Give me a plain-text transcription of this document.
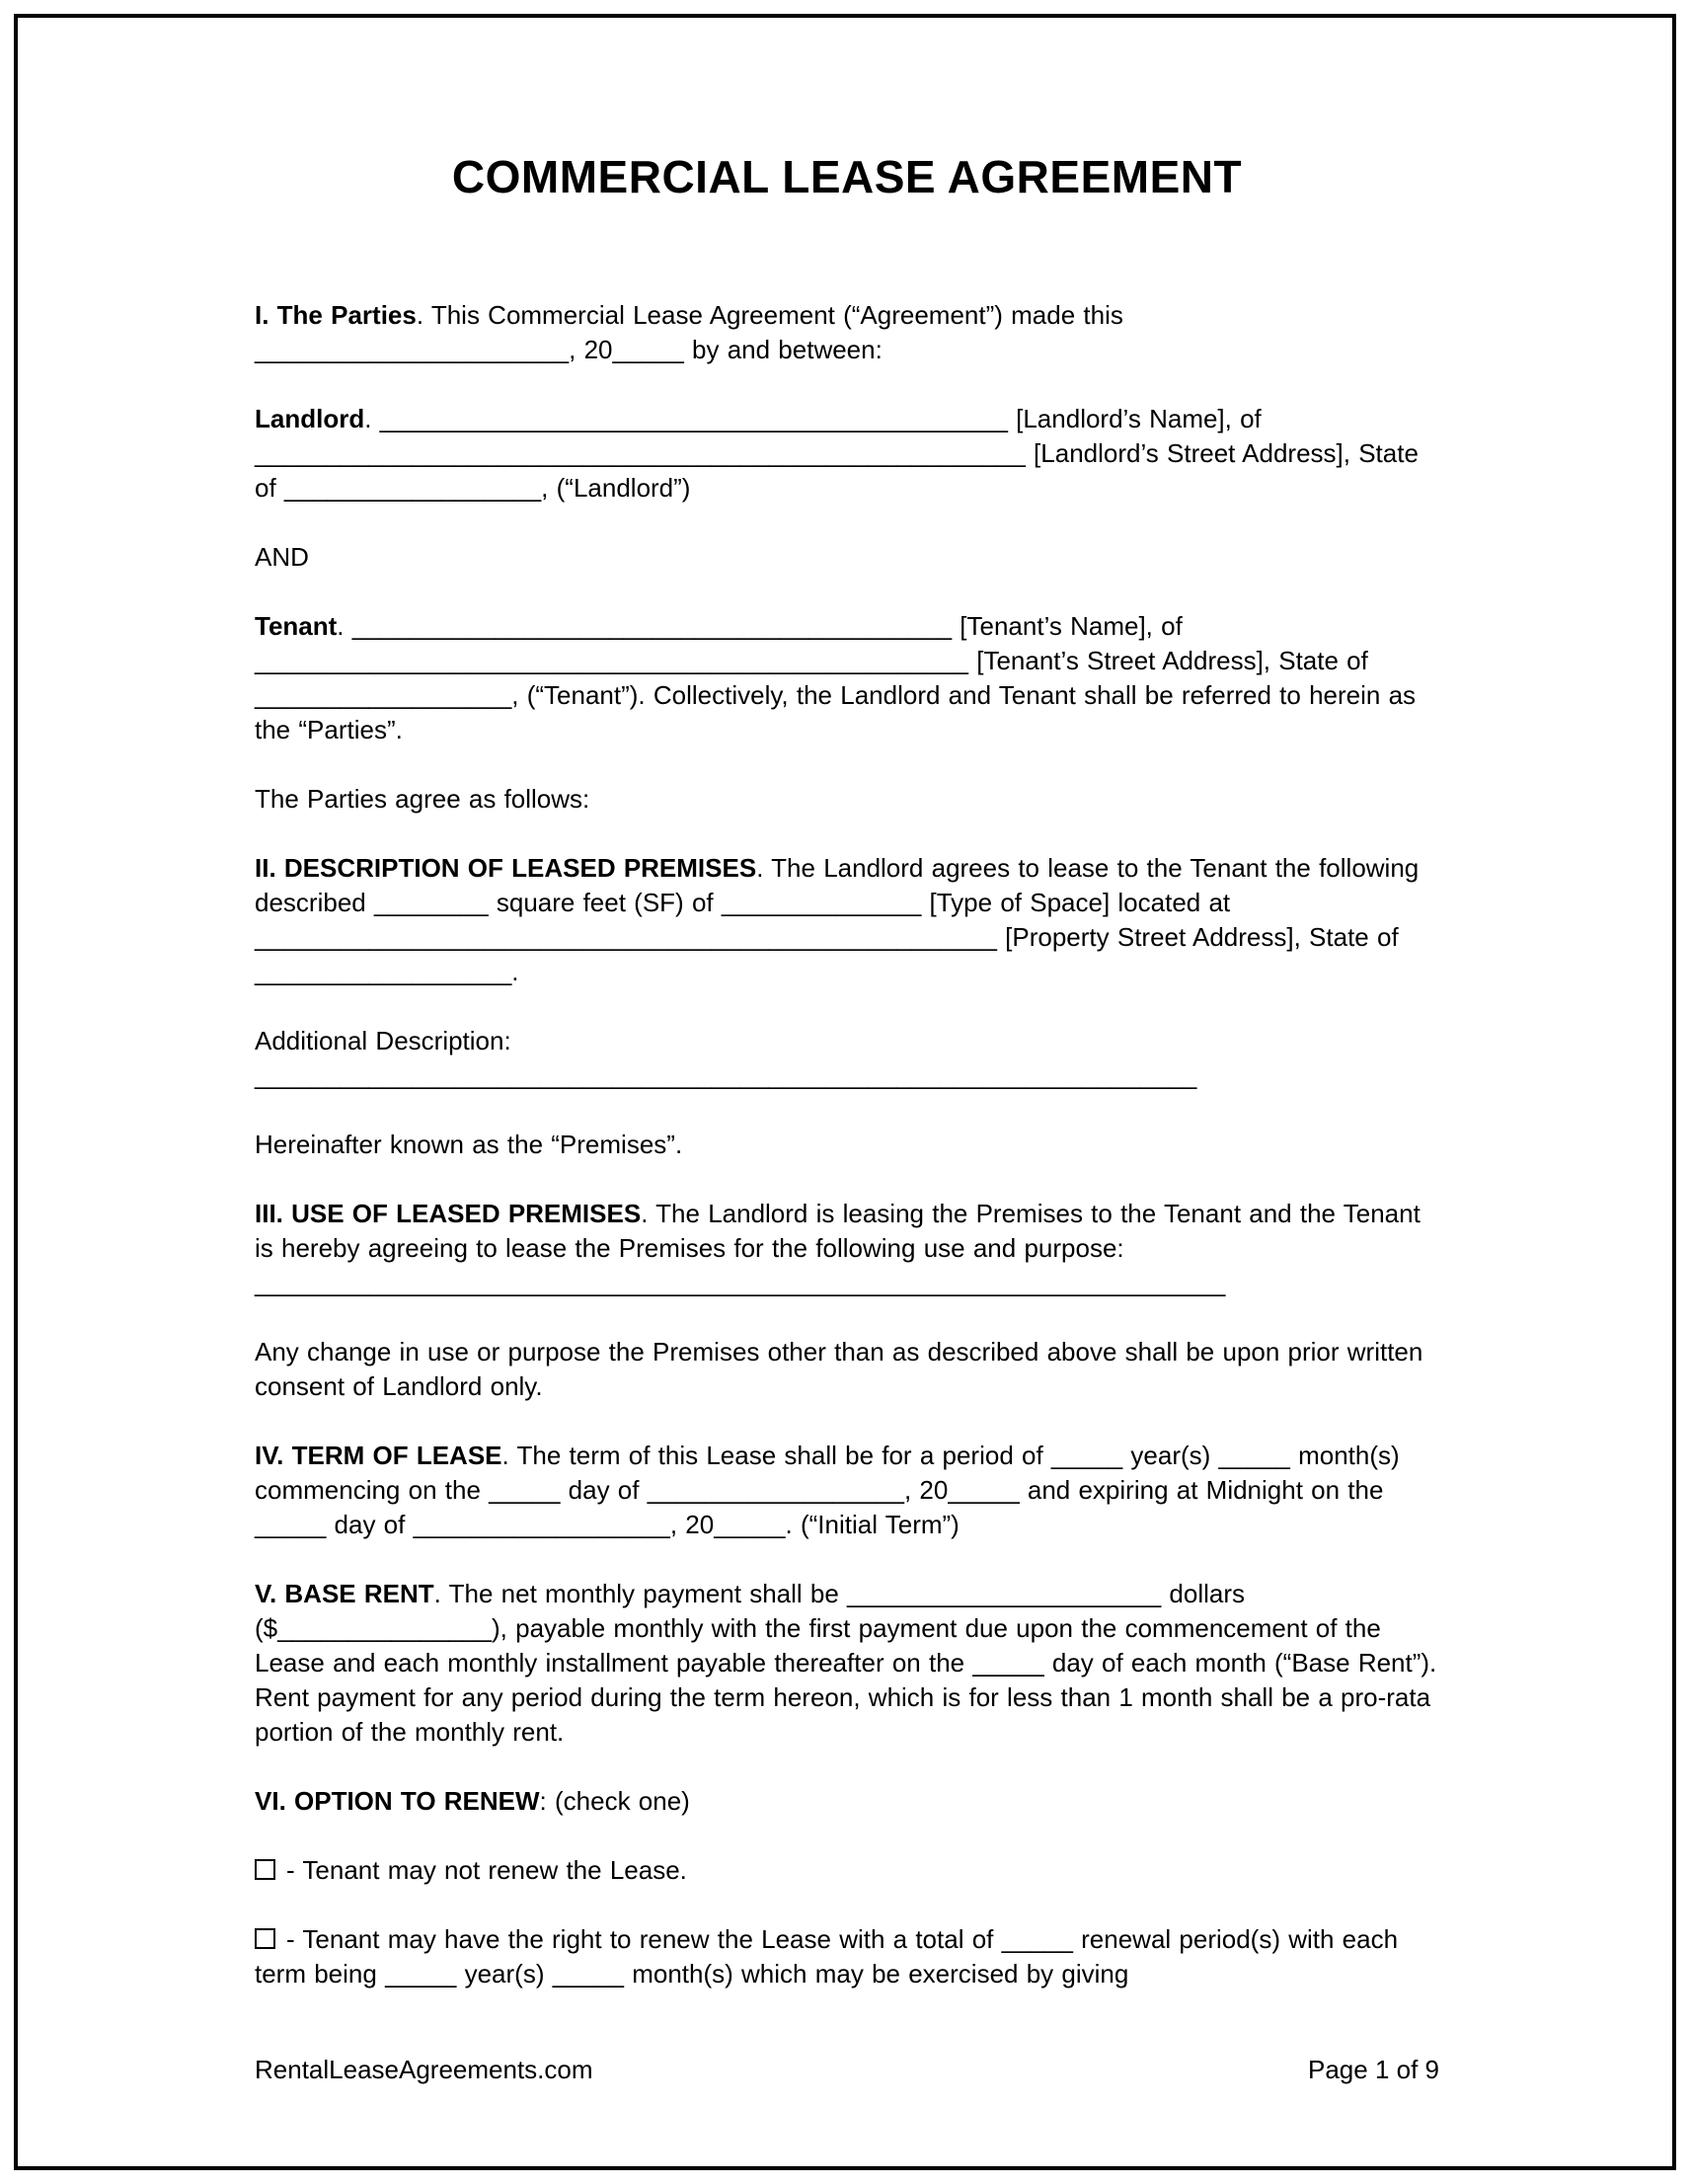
COMMERCIAL LEASE AGREEMENT

I. The Parties. This Commercial Lease Agreement (“Agreement”) made this ______________________, 20_____ by and between:

Landlord. ____________________________________________ [Landlord’s Name], of ______________________________________________________ [Landlord’s Street Address], State of __________________, (“Landlord”)

AND

Tenant. __________________________________________ [Tenant’s Name], of __________________________________________________ [Tenant’s Street Address], State of __________________, (“Tenant”). Collectively, the Landlord and Tenant shall be referred to herein as the “Parties”.

The Parties agree as follows:

II. DESCRIPTION OF LEASED PREMISES. The Landlord agrees to lease to the Tenant the following described ________ square feet (SF) of ______________ [Type of Space] located at ____________________________________________________ [Property Street Address], State of __________________.

Additional Description: __________________________________________________________________

Hereinafter known as the “Premises”.

III. USE OF LEASED PREMISES. The Landlord is leasing the Premises to the Tenant and the Tenant is hereby agreeing to lease the Premises for the following use and purpose: ____________________________________________________________________

Any change in use or purpose the Premises other than as described above shall be upon prior written consent of Landlord only.

IV. TERM OF LEASE. The term of this Lease shall be for a period of _____ year(s) _____ month(s) commencing on the _____ day of __________________, 20_____ and expiring at Midnight on the _____ day of __________________, 20_____. (“Initial Term”)

V. BASE RENT. The net monthly payment shall be ______________________ dollars ($_______________), payable monthly with the first payment due upon the commencement of the Lease and each monthly installment payable thereafter on the _____ day of each month (“Base Rent”). Rent payment for any period during the term hereon, which is for less than 1 month shall be a pro-rata portion of the monthly rent.

VI. OPTION TO RENEW: (check one)

- Tenant may not renew the Lease.

- Tenant may have the right to renew the Lease with a total of _____ renewal period(s) with each term being _____ year(s) _____ month(s) which may be exercised by giving

RentalLeaseAgreements.com	Page 1 of 9
